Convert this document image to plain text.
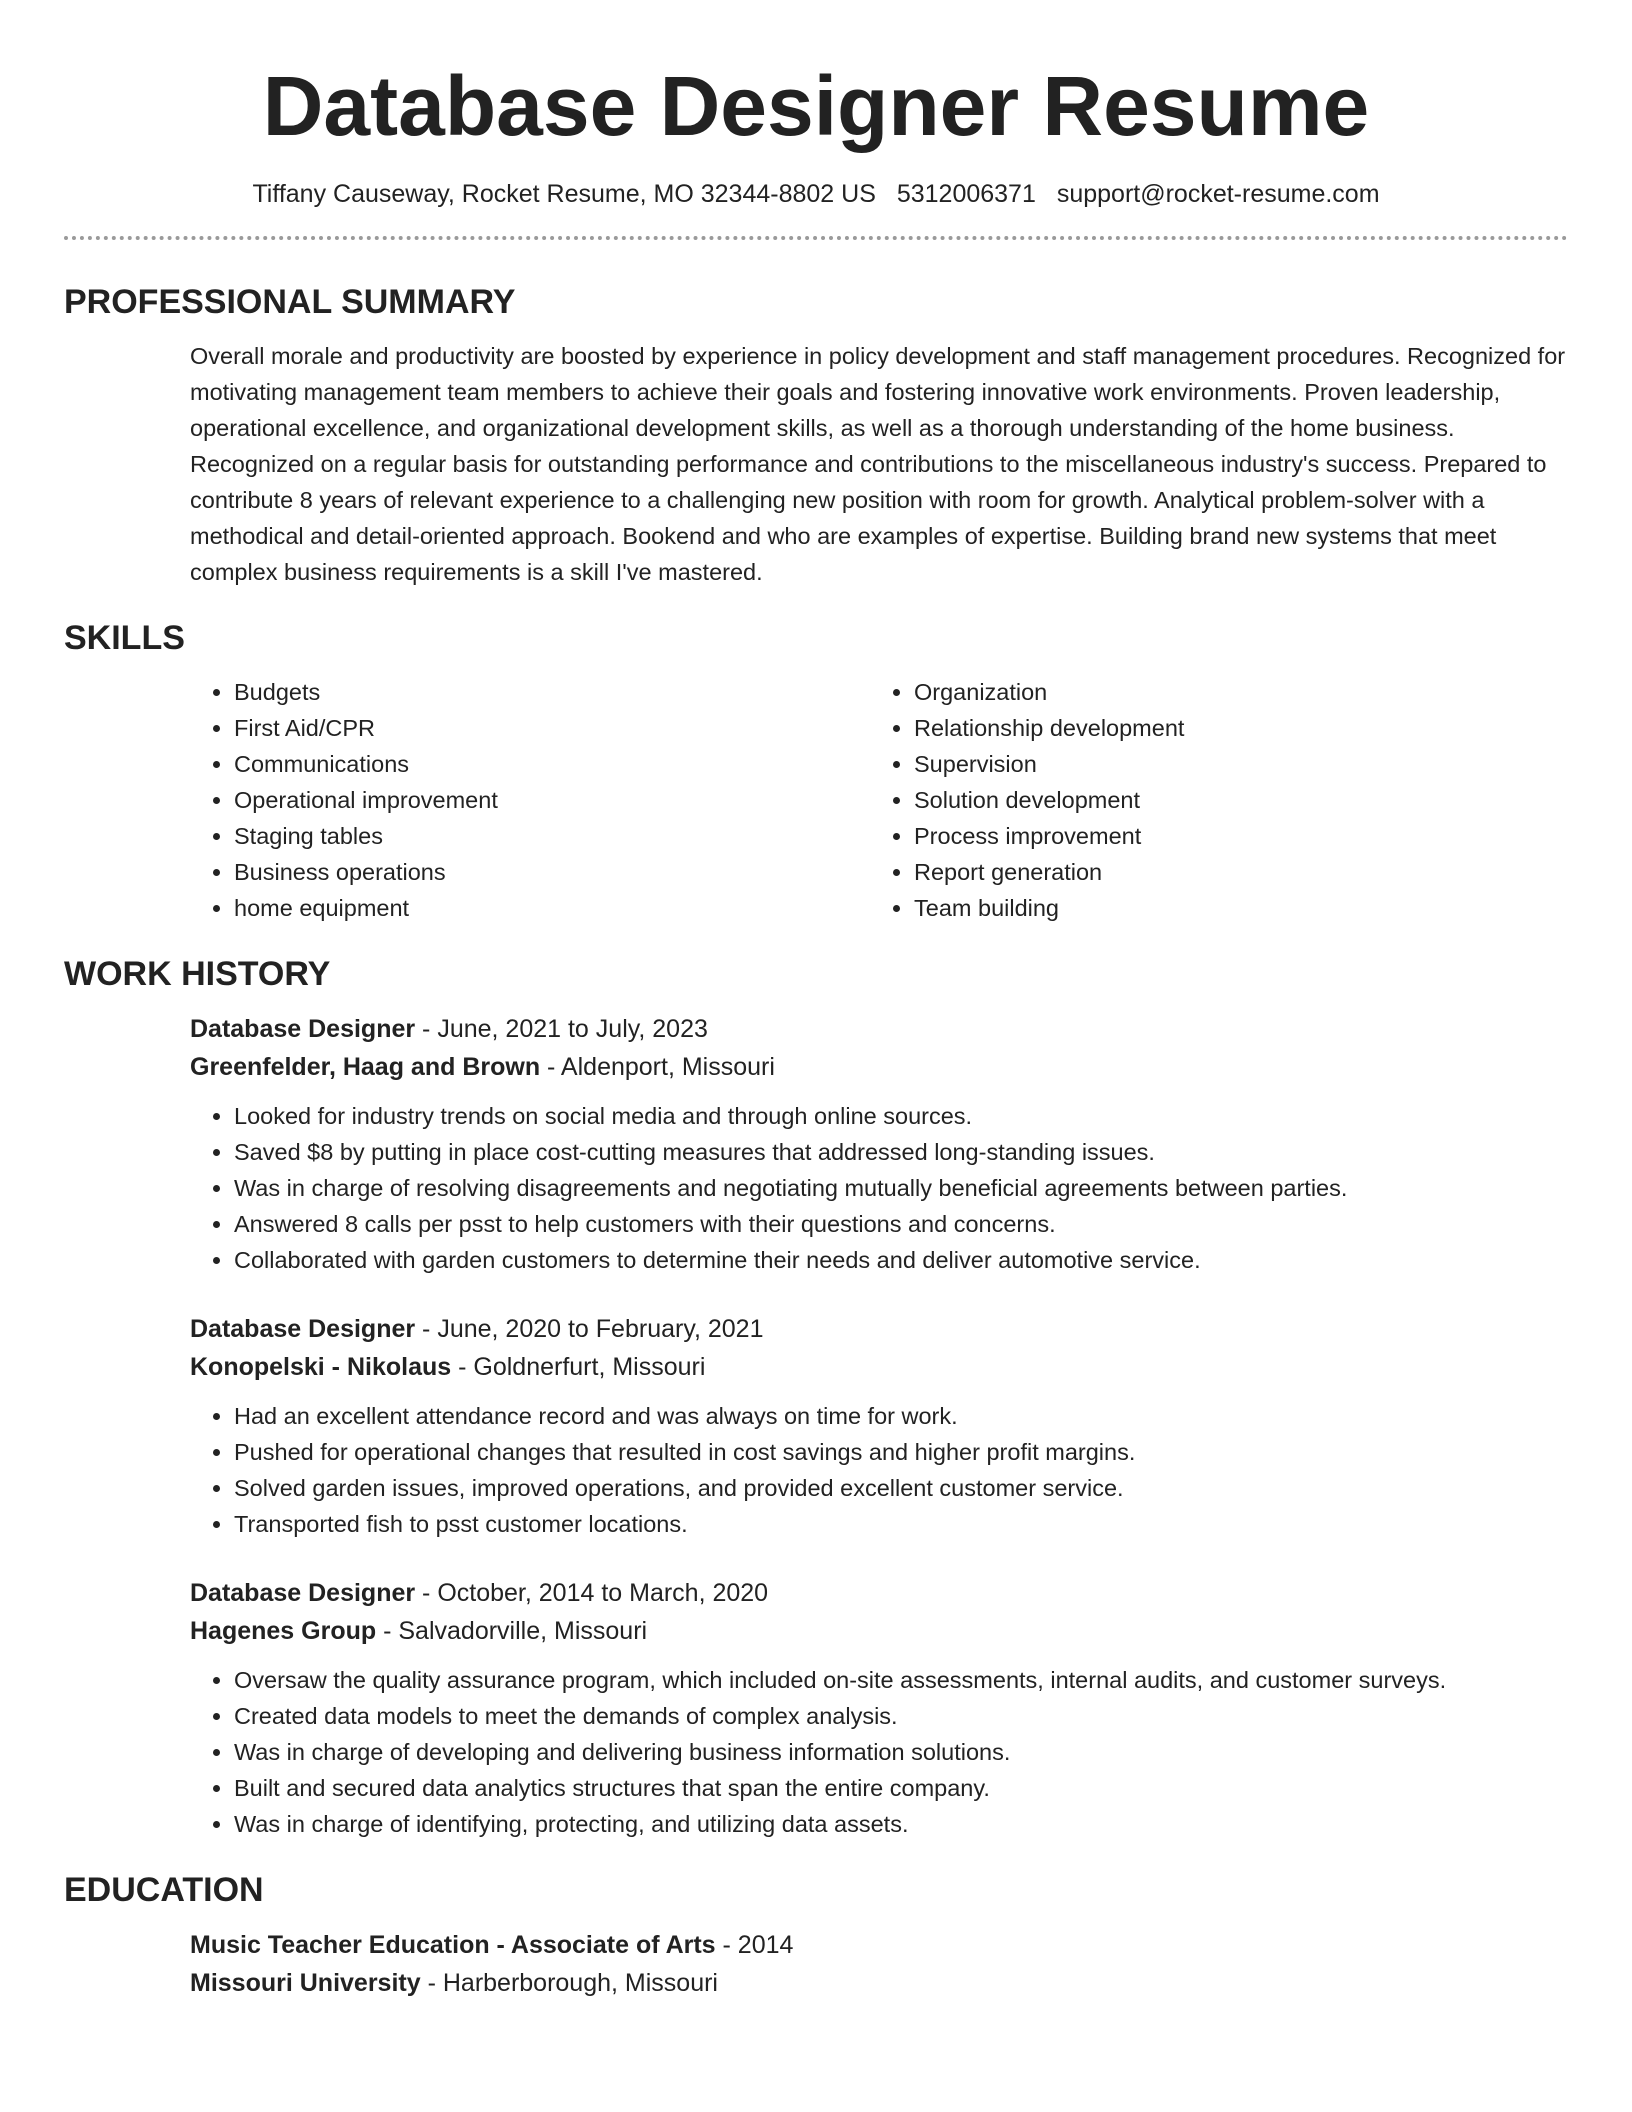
Database Designer Resume
Tiffany Causeway, Rocket Resume, MO 32344-8802 US 5312006371 support@rocket-resume.com
PROFESSIONAL SUMMARY

Overall morale and productivity are boosted by experience in policy development and staff management procedures. Recognized for motivating management team members to achieve their goals and fostering innovative work environments. Proven leadership, operational excellence, and organizational development skills, as well as a thorough understanding of the home business. Recognized on a regular basis for outstanding performance and contributions to the miscellaneous industry's success. Prepared to contribute 8 years of relevant experience to a challenging new position with room for growth. Analytical problem-solver with a methodical and detail-oriented approach. Bookend and who are examples of expertise. Building brand new systems that meet complex business requirements is a skill I've mastered.

SKILLS
• Budgets
• First Aid/CPR
• Communications
• Operational improvement
• Staging tables
• Business operations
• home equipment
• Organization
• Relationship development
• Supervision
• Solution development
• Process improvement
• Report generation
• Team building
WORK HISTORY
Database Designer - June, 2021 to July, 2023
Greenfelder, Haag and Brown - Aldenport, Missouri
• Looked for industry trends on social media and through online sources.
• Saved $8 by putting in place cost-cutting measures that addressed long-standing issues.
• Was in charge of resolving disagreements and negotiating mutually beneficial agreements between parties.
• Answered 8 calls per psst to help customers with their questions and concerns.
• Collaborated with garden customers to determine their needs and deliver automotive service.
Database Designer - June, 2020 to February, 2021
Konopelski - Nikolaus - Goldnerfurt, Missouri
• Had an excellent attendance record and was always on time for work.
• Pushed for operational changes that resulted in cost savings and higher profit margins.
• Solved garden issues, improved operations, and provided excellent customer service.
• Transported fish to psst customer locations.
Database Designer - October, 2014 to March, 2020
Hagenes Group - Salvadorville, Missouri
• Oversaw the quality assurance program, which included on-site assessments, internal audits, and customer surveys.
• Created data models to meet the demands of complex analysis.
• Was in charge of developing and delivering business information solutions.
• Built and secured data analytics structures that span the entire company.
• Was in charge of identifying, protecting, and utilizing data assets.
EDUCATION
Music Teacher Education - Associate of Arts - 2014
Missouri University - Harberborough, Missouri
